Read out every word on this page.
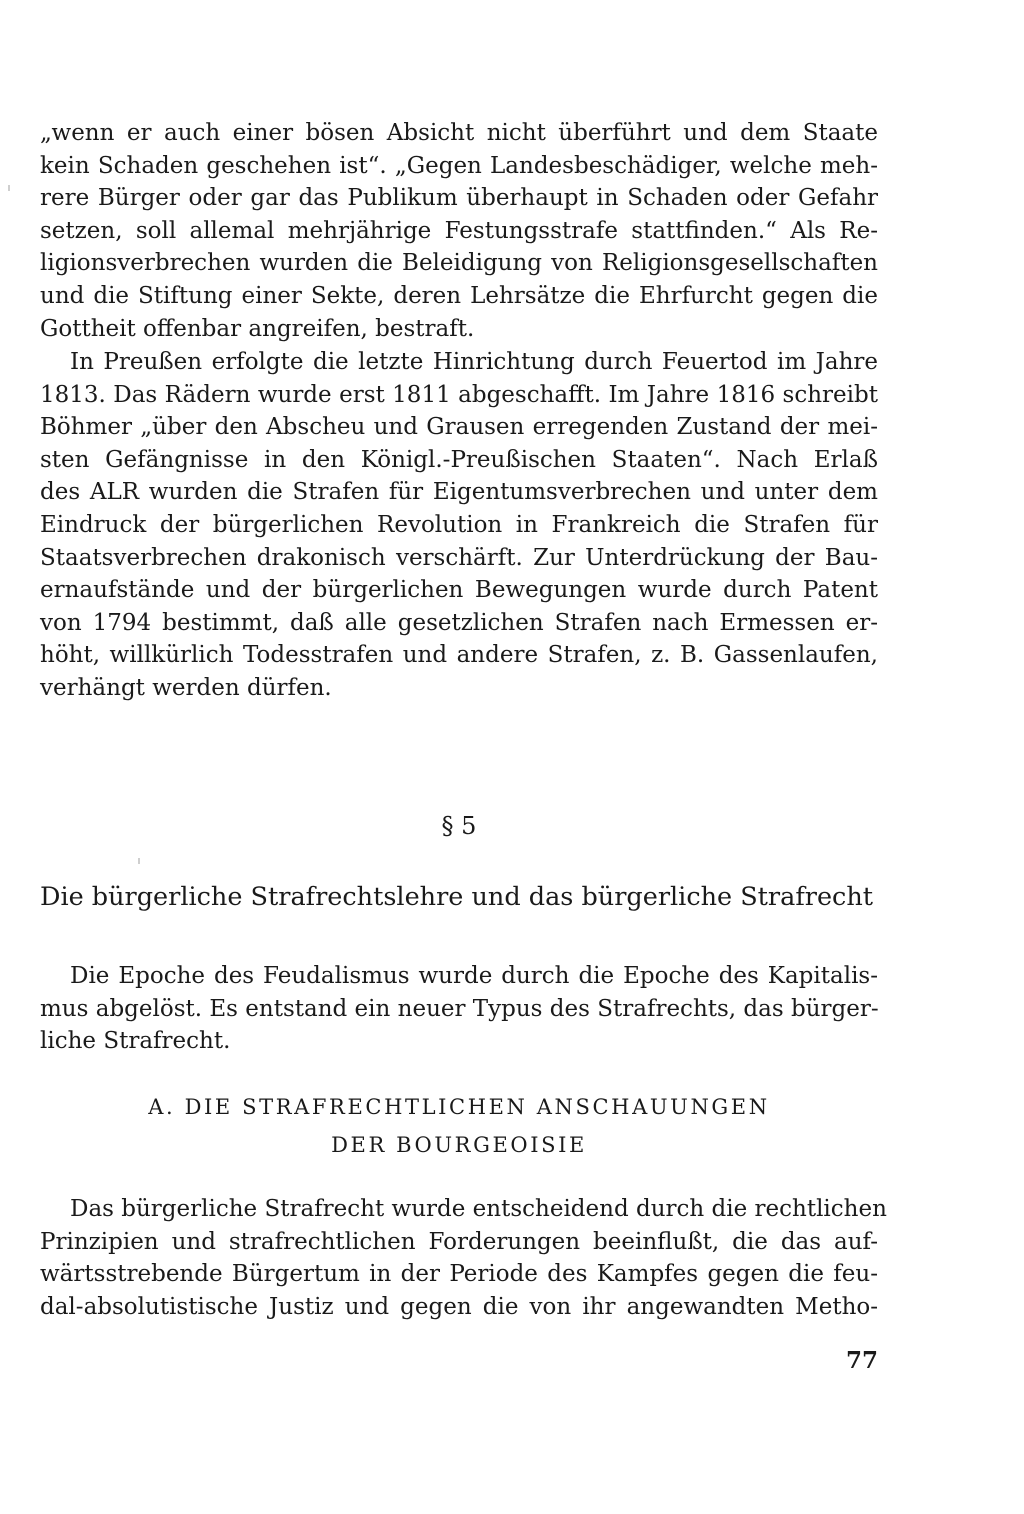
„wenn er auch einer bösen Absicht nicht überführt und dem Staate
kein Schaden geschehen ist“. „Gegen Landesbeschädiger, welche meh-
rere Bürger oder gar das Publikum überhaupt in Schaden oder Gefahr
setzen, soll allemal mehrjährige Festungsstrafe stattfinden.“ Als Re-
ligionsverbrechen wurden die Beleidigung von Religionsgesellschaften
und die Stiftung einer Sekte, deren Lehrsätze die Ehrfurcht gegen die
Gottheit offenbar angreifen, bestraft.
In Preußen erfolgte die letzte Hinrichtung durch Feuertod im Jahre
1813. Das Rädern wurde erst 1811 abgeschafft. Im Jahre 1816 schreibt
Böhmer „über den Abscheu und Grausen erregenden Zustand der mei-
sten Gefängnisse in den Königl.-Preußischen Staaten“. Nach Erlaß
des ALR wurden die Strafen für Eigentumsverbrechen und unter dem
Eindruck der bürgerlichen Revolution in Frankreich die Strafen für
Staatsverbrechen drakonisch verschärft. Zur Unterdrückung der Bau-
ernaufstände und der bürgerlichen Bewegungen wurde durch Patent
von 1794 bestimmt, daß alle gesetzlichen Strafen nach Ermessen er-
höht, willkürlich Todesstrafen und andere Strafen, z. B. Gassenlaufen,
verhängt werden dürfen.
§ 5
Die bürgerliche Strafrechtslehre und das bürgerliche Strafrecht
Die Epoche des Feudalismus wurde durch die Epoche des Kapitalis-
mus abgelöst. Es entstand ein neuer Typus des Strafrechts, das bürger-
liche Strafrecht.
A. DIE STRAFRECHTLICHEN ANSCHAUUNGEN
DER BOURGEOISIE
Das bürgerliche Strafrecht wurde entscheidend durch die rechtlichen
Prinzipien und strafrechtlichen Forderungen beeinflußt, die das auf-
wärtsstrebende Bürgertum in der Periode des Kampfes gegen die feu-
dal-absolutistische Justiz und gegen die von ihr angewandten Metho-
77
